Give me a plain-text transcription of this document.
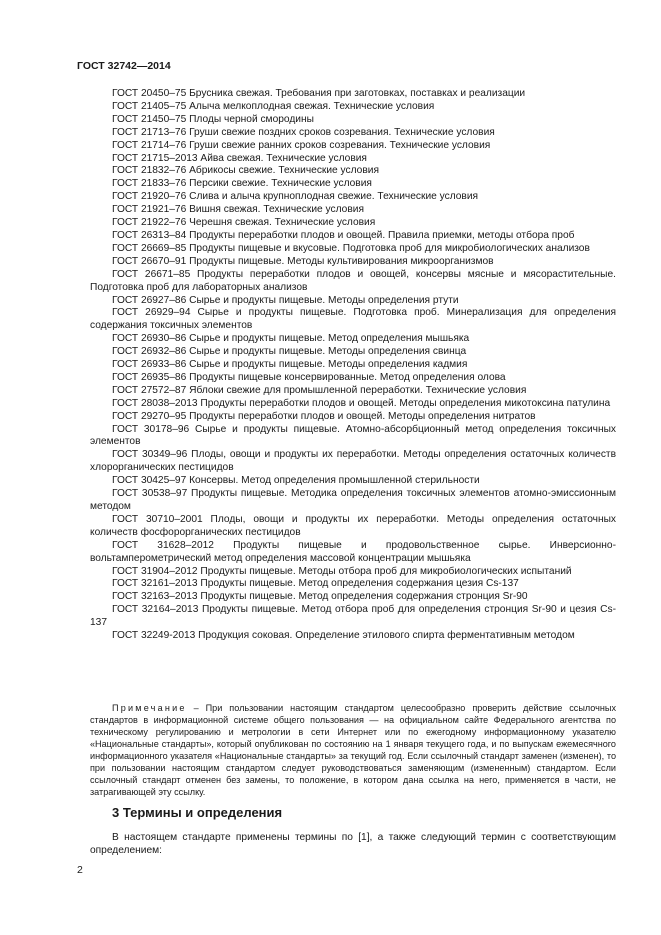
ГОСТ 32742—2014
ГОСТ 20450–75 Брусника свежая. Требования при заготовках, поставках и реализации
ГОСТ 21405–75 Алыча мелкоплодная свежая. Технические условия
ГОСТ 21450–75 Плоды черной смородины
ГОСТ 21713–76 Груши свежие поздних сроков созревания. Технические условия
ГОСТ 21714–76 Груши свежие ранних сроков созревания. Технические условия
ГОСТ 21715–2013 Айва свежая. Технические условия
ГОСТ 21832–76 Абрикосы свежие. Технические условия
ГОСТ 21833–76 Персики свежие. Технические условия
ГОСТ 21920–76 Слива и алыча крупноплодная свежие. Технические условия
ГОСТ 21921–76 Вишня свежая. Технические условия
ГОСТ 21922–76 Черешня свежая. Технические условия
ГОСТ 26313–84 Продукты переработки плодов и овощей. Правила приемки, методы отбора проб
ГОСТ 26669–85 Продукты пищевые и вкусовые. Подготовка проб для микробиологических анализов
ГОСТ 26670–91 Продукты пищевые. Методы культивирования микроорганизмов
ГОСТ 26671–85 Продукты переработки плодов и овощей, консервы мясные и мясорастительные. Подготовка проб для лабораторных анализов
ГОСТ 26927–86 Сырье и продукты пищевые. Методы определения ртути
ГОСТ 26929–94 Сырье и продукты пищевые. Подготовка проб. Минерализация для определения содержания токсичных элементов
ГОСТ 26930–86 Сырье и продукты пищевые. Метод определения мышьяка
ГОСТ 26932–86 Сырье и продукты пищевые. Методы определения свинца
ГОСТ 26933–86 Сырье и продукты пищевые. Методы определения кадмия
ГОСТ 26935–86 Продукты пищевые консервированные. Метод определения олова
ГОСТ 27572–87 Яблоки свежие для промышленной переработки. Технические условия
ГОСТ 28038–2013 Продукты переработки плодов и овощей. Методы определения микотоксина патулина
ГОСТ 29270–95 Продукты переработки плодов и овощей. Методы определения нитратов
ГОСТ 30178–96 Сырье и продукты пищевые. Атомно-абсорбционный метод определения токсичных элементов
ГОСТ 30349–96 Плоды, овощи и продукты их переработки. Методы определения остаточных количеств хлорорганических пестицидов
ГОСТ 30425–97 Консервы. Метод определения промышленной стерильности
ГОСТ 30538–97 Продукты пищевые. Методика определения токсичных элементов атомно-эмиссионным методом
ГОСТ 30710–2001 Плоды, овощи и продукты их переработки. Методы определения остаточных количеств фосфорорганических пестицидов
ГОСТ 31628–2012 Продукты пищевые и продовольственное сырье. Инверсионно-вольтамперометрический метод определения массовой концентрации мышьяка
ГОСТ 31904–2012 Продукты пищевые. Методы отбора проб для микробиологических испытаний
ГОСТ 32161–2013 Продукты пищевые. Метод определения содержания цезия Cs-137
ГОСТ 32163–2013 Продукты пищевые. Метод определения содержания стронция Sr-90
ГОСТ 32164–2013 Продукты пищевые. Метод отбора проб для определения стронция Sr-90 и цезия Cs-137
ГОСТ 32249-2013 Продукция соковая. Определение этилового спирта ферментативным методом
Примечание – При пользовании настоящим стандартом целесообразно проверить действие ссылочных стандартов в информационной системе общего пользования — на официальном сайте Федерального агентства по техническому регулированию и метрологии в сети Интернет или по ежегодному информационному указателю «Национальные стандарты», который опубликован по состоянию на 1 января текущего года, и по выпускам ежемесячного информационного указателя «Национальные стандарты» за текущий год. Если ссылочный стандарт заменен (изменен), то при пользовании настоящим стандартом следует руководствоваться заменяющим (измененным) стандартом. Если ссылочный стандарт отменен без замены, то положение, в котором дана ссылка на него, применяется в части, не затрагивающей эту ссылку.
3 Термины и определения
В настоящем стандарте применены термины по [1], а также следующий термин с соответствующим определением:
2
